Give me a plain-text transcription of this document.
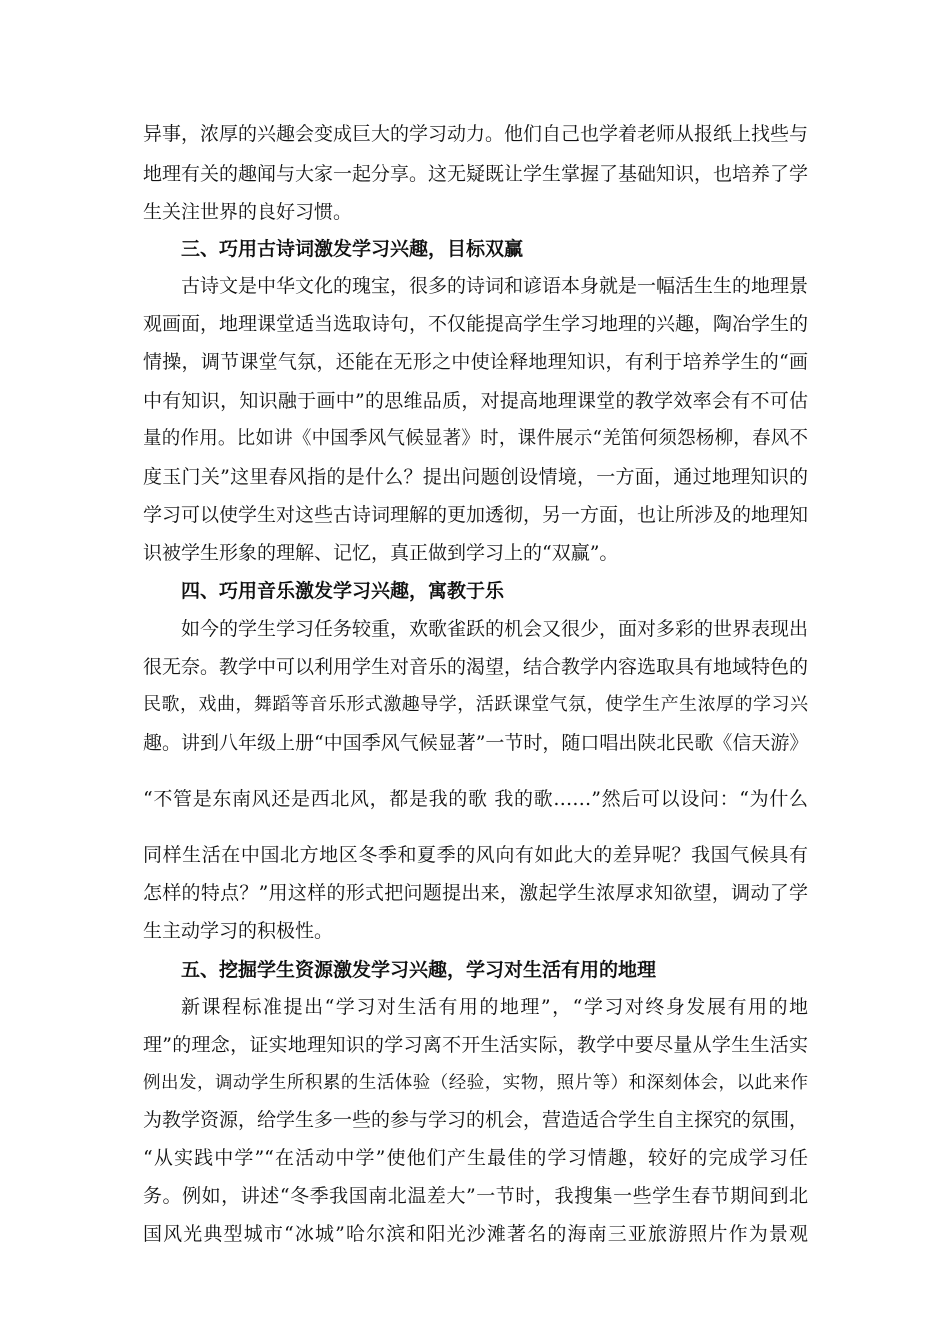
异事，浓厚的兴趣会变成巨大的学习动力。他们自己也学着老师从报纸上找些与
地理有关的趣闻与大家一起分享。这无疑既让学生掌握了基础知识，也培养了学
生关注世界的良好习惯。
三、巧用古诗词激发学习兴趣，目标双赢
古诗文是中华文化的瑰宝，很多的诗词和谚语本身就是一幅活生生的地理景
观画面，地理课堂适当选取诗句，不仅能提高学生学习地理的兴趣，陶冶学生的
情操，调节课堂气氛，还能在无形之中使诠释地理知识，有利于培养学生的“画
中有知识，知识融于画中”的思维品质，对提高地理课堂的教学效率会有不可估
量的作用。比如讲《中国季风气候显著》时，课件展示“羌笛何须怨杨柳，春风不
度玉门关”这里春风指的是什么？提出问题创设情境，一方面，通过地理知识的
学习可以使学生对这些古诗词理解的更加透彻，另一方面，也让所涉及的地理知
识被学生形象的理解、记忆，真正做到学习上的“双赢”。
四、巧用音乐激发学习兴趣，寓教于乐
如今的学生学习任务较重，欢歌雀跃的机会又很少，面对多彩的世界表现出
很无奈。教学中可以利用学生对音乐的渴望，结合教学内容选取具有地域特色的
民歌，戏曲，舞蹈等音乐形式激趣导学，活跃课堂气氛，使学生产生浓厚的学习兴
趣。讲到八年级上册“中国季风气候显著”一节时，随口唱出陕北民歌《信天游》
“不管是东南风还是西北风，都是我的歌 我的歌……”然后可以设问：“为什么
同样生活在中国北方地区冬季和夏季的风向有如此大的差异呢？我国气候具有
怎样的特点？”用这样的形式把问题提出来，激起学生浓厚求知欲望，调动了学
生主动学习的积极性。
五、挖掘学生资源激发学习兴趣，学习对生活有用的地理
新课程标准提出“学习对生活有用的地理”，“学习对终身发展有用的地
理”的理念，证实地理知识的学习离不开生活实际，教学中要尽量从学生生活实
例出发，调动学生所积累的生活体验（经验，实物，照片等）和深刻体会，以此来作
为教学资源，给学生多一些的参与学习的机会，营造适合学生自主探究的氛围，
“从实践中学”“在活动中学”使他们产生最佳的学习情趣，较好的完成学习任
务。例如，讲述“冬季我国南北温差大”一节时，我搜集一些学生春节期间到北
国风光典型城市“冰城”哈尔滨和阳光沙滩著名的海南三亚旅游照片作为景观
